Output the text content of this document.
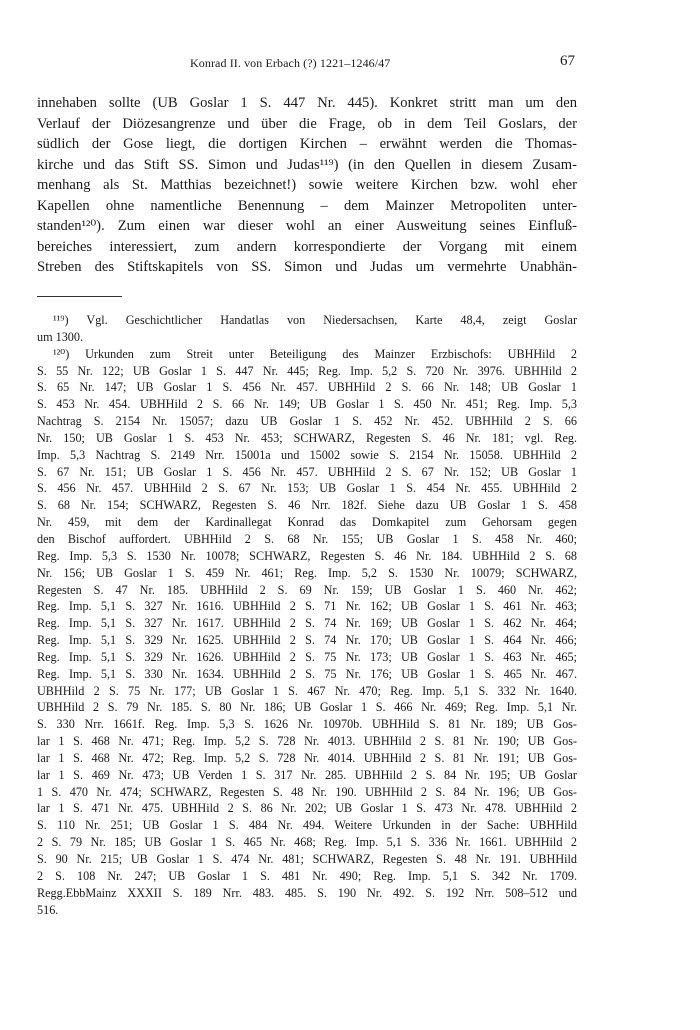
Konrad II. von Erbach (?) 1221–1246/47	67
innehaben sollte (UB Goslar 1 S. 447 Nr. 445). Konkret stritt man um den
Verlauf der Diözesangrenze und über die Frage, ob in dem Teil Goslars, der
südlich der Gose liegt, die dortigen Kirchen – erwähnt werden die Thomas-
kirche und das Stift SS. Simon und Judas¹¹⁹) (in den Quellen in diesem Zusam-
menhang als St. Matthias bezeichnet!) sowie weitere Kirchen bzw. wohl eher
Kapellen ohne namentliche Benennung – dem Mainzer Metropoliten unter-
standen¹²⁰). Zum einen war dieser wohl an einer Ausweitung seines Einfluß-
bereiches interessiert, zum andern korrespondierte der Vorgang mit einem
Streben des Stiftskapitels von SS. Simon und Judas um vermehrte Unabhän-
¹¹⁹) Vgl. Geschichtlicher Handatlas von Niedersachsen, Karte 48,4, zeigt Goslar
um 1300.
¹²⁰) Urkunden zum Streit unter Beteiligung des Mainzer Erzbischofs: UBHHild 2
S. 55 Nr. 122; UB Goslar 1 S. 447 Nr. 445; Reg. Imp. 5,2 S. 720 Nr. 3976. UBHHild 2
S. 65 Nr. 147; UB Goslar 1 S. 456 Nr. 457. UBHHild 2 S. 66 Nr. 148; UB Goslar 1
S. 453 Nr. 454. UBHHild 2 S. 66 Nr. 149; UB Goslar 1 S. 450 Nr. 451; Reg. Imp. 5,3
Nachtrag S. 2154 Nr. 15057; dazu UB Goslar 1 S. 452 Nr. 452. UBHHild 2 S. 66
Nr. 150; UB Goslar 1 S. 453 Nr. 453; SCHWARZ, Regesten S. 46 Nr. 181; vgl. Reg.
Imp. 5,3 Nachtrag S. 2149 Nrr. 15001a und 15002 sowie S. 2154 Nr. 15058. UBHHild 2
S. 67 Nr. 151; UB Goslar 1 S. 456 Nr. 457. UBHHild 2 S. 67 Nr. 152; UB Goslar 1
S. 456 Nr. 457. UBHHild 2 S. 67 Nr. 153; UB Goslar 1 S. 454 Nr. 455. UBHHild 2
S. 68 Nr. 154; SCHWARZ, Regesten S. 46 Nrr. 182f. Siehe dazu UB Goslar 1 S. 458
Nr. 459, mit dem der Kardinallegat Konrad das Domkapitel zum Gehorsam gegen
den Bischof auffordert. UBHHild 2 S. 68 Nr. 155; UB Goslar 1 S. 458 Nr. 460;
Reg. Imp. 5,3 S. 1530 Nr. 10078; SCHWARZ, Regesten S. 46 Nr. 184. UBHHild 2 S. 68
Nr. 156; UB Goslar 1 S. 459 Nr. 461; Reg. Imp. 5,2 S. 1530 Nr. 10079; SCHWARZ,
Regesten S. 47 Nr. 185. UBHHild 2 S. 69 Nr. 159; UB Goslar 1 S. 460 Nr. 462;
Reg. Imp. 5,1 S. 327 Nr. 1616. UBHHild 2 S. 71 Nr. 162; UB Goslar 1 S. 461 Nr. 463;
Reg. Imp. 5,1 S. 327 Nr. 1617. UBHHild 2 S. 74 Nr. 169; UB Goslar 1 S. 462 Nr. 464;
Reg. Imp. 5,1 S. 329 Nr. 1625. UBHHild 2 S. 74 Nr. 170; UB Goslar 1 S. 464 Nr. 466;
Reg. Imp. 5,1 S. 329 Nr. 1626. UBHHild 2 S. 75 Nr. 173; UB Goslar 1 S. 463 Nr. 465;
Reg. Imp. 5,1 S. 330 Nr. 1634. UBHHild 2 S. 75 Nr. 176; UB Goslar 1 S. 465 Nr. 467.
UBHHild 2 S. 75 Nr. 177; UB Goslar 1 S. 467 Nr. 470; Reg. Imp. 5,1 S. 332 Nr. 1640.
UBHHild 2 S. 79 Nr. 185. S. 80 Nr. 186; UB Goslar 1 S. 466 Nr. 469; Reg. Imp. 5,1 Nr.
S. 330 Nrr. 1661f. Reg. Imp. 5,3 S. 1626 Nr. 10970b. UBHHild S. 81 Nr. 189; UB Gos-
lar 1 S. 468 Nr. 471; Reg. Imp. 5,2 S. 728 Nr. 4013. UBHHild 2 S. 81 Nr. 190; UB Gos-
lar 1 S. 468 Nr. 472; Reg. Imp. 5,2 S. 728 Nr. 4014. UBHHild 2 S. 81 Nr. 191; UB Gos-
lar 1 S. 469 Nr. 473; UB Verden 1 S. 317 Nr. 285. UBHHild 2 S. 84 Nr. 195; UB Goslar
1 S. 470 Nr. 474; SCHWARZ, Regesten S. 48 Nr. 190. UBHHild 2 S. 84 Nr. 196; UB Gos-
lar 1 S. 471 Nr. 475. UBHHild 2 S. 86 Nr. 202; UB Goslar 1 S. 473 Nr. 478. UBHHild 2
S. 110 Nr. 251; UB Goslar 1 S. 484 Nr. 494. Weitere Urkunden in der Sache: UBHHild
2 S. 79 Nr. 185; UB Goslar 1 S. 465 Nr. 468; Reg. Imp. 5,1 S. 336 Nr. 1661. UBHHild 2
S. 90 Nr. 215; UB Goslar 1 S. 474 Nr. 481; SCHWARZ, Regesten S. 48 Nr. 191. UBHHild
2 S. 108 Nr. 247; UB Goslar 1 S. 481 Nr. 490; Reg. Imp. 5,1 S. 342 Nr. 1709.
Regg.EbbMainz XXXII S. 189 Nrr. 483. 485. S. 190 Nr. 492. S. 192 Nrr. 508–512 und
516.
